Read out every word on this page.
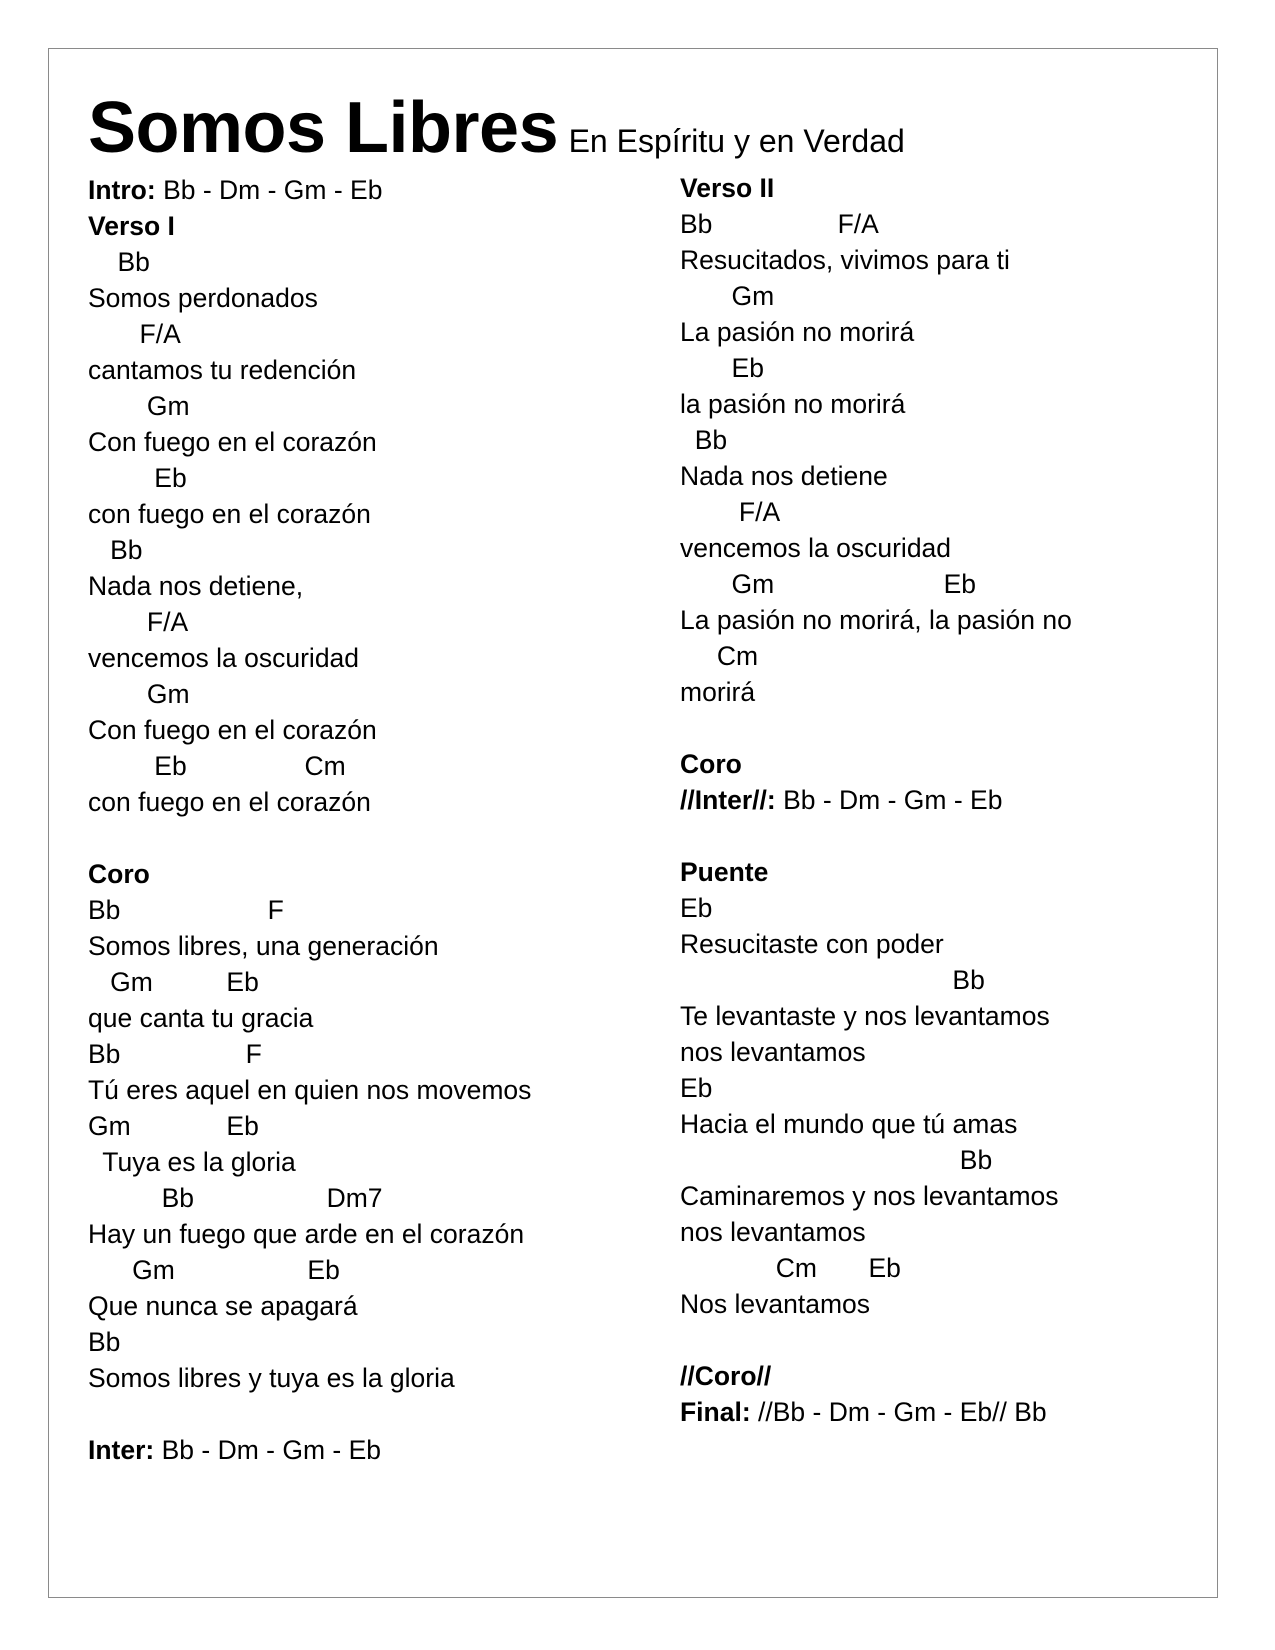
Somos Libres En Espíritu y en Verdad
Intro: Bb - Dm - Gm - Eb
Verso I
Bb
Somos perdonados
F/A
cantamos tu redención
Gm
Con fuego en el corazón
Eb
con fuego en el corazón
Bb
Nada nos detiene,
F/A
vencemos la oscuridad
Gm
Con fuego en el corazón
Eb                Cm
con fuego en el corazón
Coro
Bb                    F
Somos libres, una generación
Gm          Eb
que canta tu gracia
Bb                 F
Tú eres aquel en quien nos movemos
Gm             Eb
Tuya es la gloria
Bb                  Dm7
Hay un fuego que arde en el corazón
Gm                  Eb
Que nunca se apagará
Bb
Somos libres y tuya es la gloria
Inter: Bb - Dm - Gm - Eb
Verso II
Bb                 F/A
Resucitados, vivimos para ti
Gm
La pasión no morirá
Eb
la pasión no morirá
Bb
Nada nos detiene
F/A
vencemos la oscuridad
Gm                       Eb
La pasión no morirá, la pasión no
Cm
morirá
Coro
//Inter//: Bb - Dm - Gm - Eb
Puente
Eb
Resucitaste con poder
Bb
Te levantaste y nos levantamos
nos levantamos
Eb
Hacia el mundo que tú amas
Bb
Caminaremos y nos levantamos
nos levantamos
Cm       Eb
Nos levantamos
//Coro//
Final: //Bb - Dm - Gm - Eb// Bb
